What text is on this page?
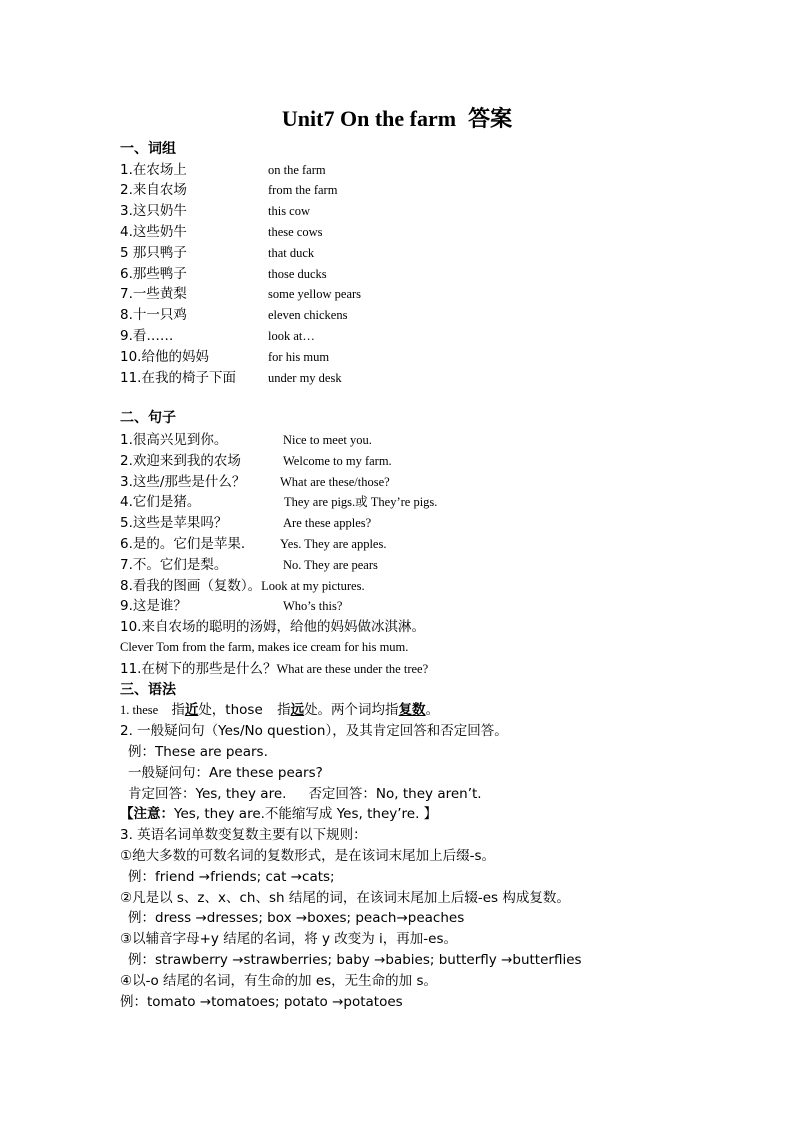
Unit7 On the farm 答案
一、词组
1.在农场上	on the farm
2.来自农场	from the farm
3.这只奶牛	this cow
4.这些奶牛	these cows
5 那只鸭子	that duck
6.那些鸭子	those ducks
7.一些黄梨	some yellow pears
8.十一只鸡	eleven chickens
9.看……	look at…
10.给他的妈妈	for his mum
11.在我的椅子下面	under my desk
二、句子
1.很高兴见到你。	Nice to meet you.
2.欢迎来到我的农场	Welcome to my farm.
3.这些/那些是什么？	What are these/those?
4.它们是猪。	They are pigs.或 They’re pigs.
5.这些是苹果吗？	Are these apples?
6.是的。它们是苹果.	Yes. They are apples.
7.不。它们是梨。	No. They are pears
8.看我的图画（复数）。Look at my pictures.
9.这是谁？	Who’s this?
10.来自农场的聪明的汤姆，给他的妈妈做冰淇淋。
Clever Tom from the farm, makes ice cream for his mum.
11.在树下的那些是什么？What are these under the tree?
三、语法
1. these 指近处，those 指远处。两个词均指复数。
2. 一般疑问句（Yes/No question），及其肯定回答和否定回答。
例：These are pears.
一般疑问句：Are these pears?
肯定回答：Yes, they are. 否定回答：No, they aren’t.
【注意：Yes, they are.不能缩写成 Yes, they’re. 】
3. 英语名词单数变复数主要有以下规则：
①绝大多数的可数名词的复数形式，是在该词末尾加上后缀-s。
例：friend →friends; cat →cats;
②凡是以 s、z、x、ch、sh 结尾的词，在该词末尾加上后辍-es 构成复数。
例：dress →dresses; box →boxes; peach→peaches
③以辅音字母+y 结尾的名词，将 y 改变为 i，再加-es。
例：strawberry →strawberries; baby →babies; butterfly →butterflies
④以-o 结尾的名词，有生命的加 es，无生命的加 s。
例：tomato →tomatoes; potato →potatoes
